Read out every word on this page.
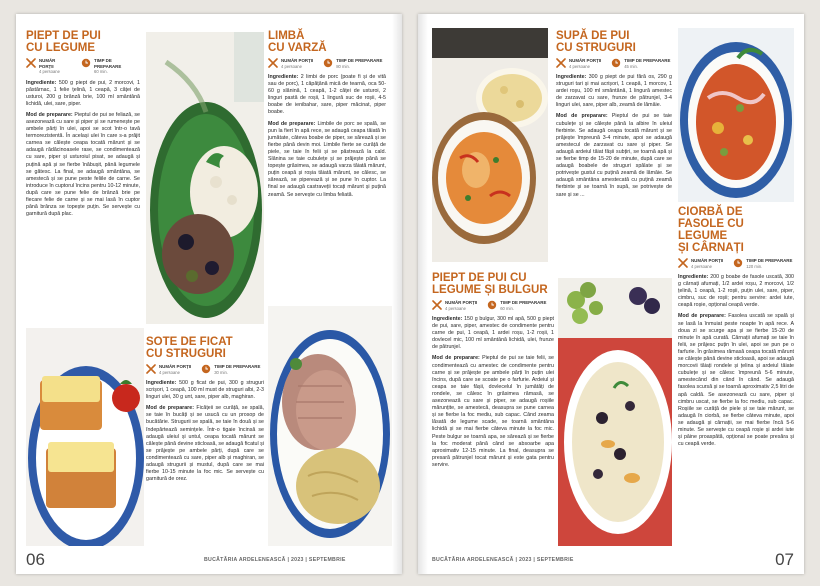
PIEPT DE PUI
CU LEGUME
NUMĂR PORȚII
4 persoane
TIMP DE PREPARARE
60 min.

Ingrediente: 500 g piept de pui, 2 morcovi, 1 păstârnac, 1 felie țelină, 1 ceapă, 3 căței de usturoi, 200 g brânză brie, 100 ml smântână lichidă, ulei, sare, piper.

Mod de preparare: Pieptul de pui se feliază, se asezonează cu sare și piper și se rumenește pe ambele părți în ulei, apoi se scot într-o tavă termorezistentă. În același ulei în care s-a prăjit carnea se călește ceapa tocată mărunt și se adaugă rădăcinoasele rase, se condimentează cu sare, piper și usturoiul pisat, se adaugă și puțină apă și se fierbe înăbușit, până legumele se gătesc. La final, se adaugă smântâna, se amestecă și se pune peste feliile de carne. Se introduce în cuptorul încins pentru 10-12 minute, după care se pune felie de brânză brie pe fiecare felie de carne și se mai lasă în cuptor până brânza se topește puțin. Se servește cu garnitură după plac.

LIMBĂ
CU VARZĂ
NUMĂR PORȚII
4 persoane
TIMP DE PREPARARE
80 min.

Ingrediente: 2 limbi de porc (poate fi și de vită sau de porc), 1 căpățână mică de tearnă, oca 50-60 g slănină, 1 ceapă, 1-2 căței de usturoi, 2 linguri pastă de roșii, 1 lingură suc de roșii, 4-5 boabe de ienibahar, sare, piper măcinat, piper boabe.

Mod de preparare: Limbile de porc se spală, se pun la fiert în apă rece, se adaugă ceapa tăiată în jumătate, câteva boabe de piper, se sărează și se fierbe până devin moi. Limbile fierte se curăță de piele, se taie în felii și se păstrează la cald. Slănina se taie cubulețe și se prăjește până se topește grăsimea, se adaugă varza tăiată mărunt, puțin ceapă și roșia tăiată mărunt, se călesc, se sărează, se piperează și se pune în cuptor. La final se adaugă castraveții tocați mărunt și puțină zeamă. Se servește cu limba feliată.

SOTE DE FICAT
CU STRUGURI
NUMĂR PORȚII
4 persoane
TIMP DE PREPARARE
30 min.

Ingrediente: 500 g ficat de pui, 300 g struguri scrișori, 1 ceapă, 100 ml must de struguri albi, 2-3 linguri ulei, 30 g unt, sare, piper alb, maghiran.

Mod de preparare: Ficățeii se curăță, se spală, se taie în bucăți și se usucă cu un prosop de bucătărie. Strugurii se spală, se taie în două și se îndepărtează semințele. Într-o tigaie încinsă se adaugă uleiul și untul, ceapa tocată mărunt se călește până devine sticloasă, se adaugă ficatul și se prăjește pe ambele părți, după care se condimentează cu sare, piper alb și maghiran, se adaugă strugurii și mustul, după care se mai fierbe 10-15 minute la foc mic. Se servește cu garnitură de orez.

06	BUCĂTĂRIA ARDELENEASCĂ | 2023 | SEPTEMBRIE
SUPĂ DE PUI
CU STRUGURI
NUMĂR PORȚII
4 persoane
TIMP DE PREPARARE
45 min.

Ingrediente: 300 g piept de pui fără os, 290 g struguri tari și mai acrișori, 1 ceapă, 1 morcov, 1 ardei roșu, 100 ml smântână, 1 lingură amestec de zarzavat cu sare, frunze de pătrunjel, 3-4 linguri ulei, sare, piper alb, zeamă de lămâie.

Mod de preparare: Pieptul de pui se taie cubulețe și se călește până la albire în uleiul fierbinte. Se adaugă ceapa tocată mărunt și se prăjește împreună 3-4 minute, apoi se adaugă amestecul de zarzavat cu sare și piper. Se adaugă ardeiul tăiat fâșii subțiri, se toarnă apă și se fierbe timp de 15-20 de minute, după care se adaugă boabele de struguri spălate și se potrivește gustul cu puțină zeamă de lămâie. Se adaugă smântâna amestecată cu puțină zeamă fierbinte și se toarnă în supă, se potrivește de sare și se ...

CIORBĂ DE
FASOLE CU LEGUME
ȘI CÂRNAȚI
NUMĂR PORȚII
4 persoane
TIMP DE PREPARARE
120 min.

Ingrediente: 200 g boabe de fasole uscată, 300 g cârnați afumați, 1/2 ardei roșu, 2 morcovi, 1/2 țelină, 1 ceapă, 1-2 roșii, puțin ulei, sare, piper, cimbru, suc de roșii; pentru servire: ardei iute, ceapă roșie, opțional ceapă verde.

Mod de preparare: Fasolea uscată se spală și se lasă la înmuiat peste noapte în apă rece. A doua zi se scurge apa și se fierbe 15-20 de minute în apă curată. Cârnații afumați se taie în felii, se prăjesc puțin în ulei, apoi se pun pe o farfurie. În grăsimea rămasă ceapa tocată mărunt se călește până devine sticloasă, apoi se adaugă morcovii tăiați rondele și țelina și ardeiul tăiate cubulețe și se călesc împreună 5-6 minute, amestecând din când în când. Se adaugă fasolea scursă și se toarnă aproximativ 2,5 litri de apă caldă. Se asezonează cu sare, piper și cimbru uscat, se fierbe la foc mediu, sub capac. Roșiile se curăță de piele și se taie mărunt, se adaugă în ciorbă, se fierbe câteva minute, apoi se adaugă și cârnații, se mai fierbe încă 5-6 minute. Se servește cu ceapă roșie și ardei iute și pâine proaspătă, opțional se poate presăra și cu ceapă verde.

PIEPT DE PUI CU
LEGUME ȘI BULGUR
NUMĂR PORȚII
4 persoane
TIMP DE PREPARARE
60 min.

Ingrediente: 150 g bulgur, 300 ml apă, 500 g piept de pui, sare, piper, amestec de condimente pentru carne de pui, 1 ceapă, 1 ardei roșu, 1-2 roșii, 1 dovlecel mic, 100 ml smântână lichidă, ulei, frunze de pătrunjel.

Mod de preparare: Pieptul de pui se taie felii, se condimentează cu amestec de condimente pentru carne și se prăjește pe ambele părți în puțin ulei încins, după care se scoate pe o farfurie. Ardeiul și ceapa se taie fâșii, dovlecelul în jumătăți de rondele, se călesc în grăsimea rămasă, se asezonează cu sare și piper, se adaugă roșiile mărunțite, se amestecă, deasupra se pune carnea și se fierbe la foc mediu, sub capac. Când zeama lăsată de legume scade, se toarnă smântâna lichidă și se mai fierbe câteva minute la foc mic. Peste bulgur se toarnă apa, se sărează și se fierbe la foc moderat până când se absoarbe apa aproximativ 12-15 minute. La final, deasupra se presară pătrunjel tocat mărunt și este gata pentru servire.

BUCĂTĂRIA ARDELENEASCĂ | 2023 | SEPTEMBRIE	07
